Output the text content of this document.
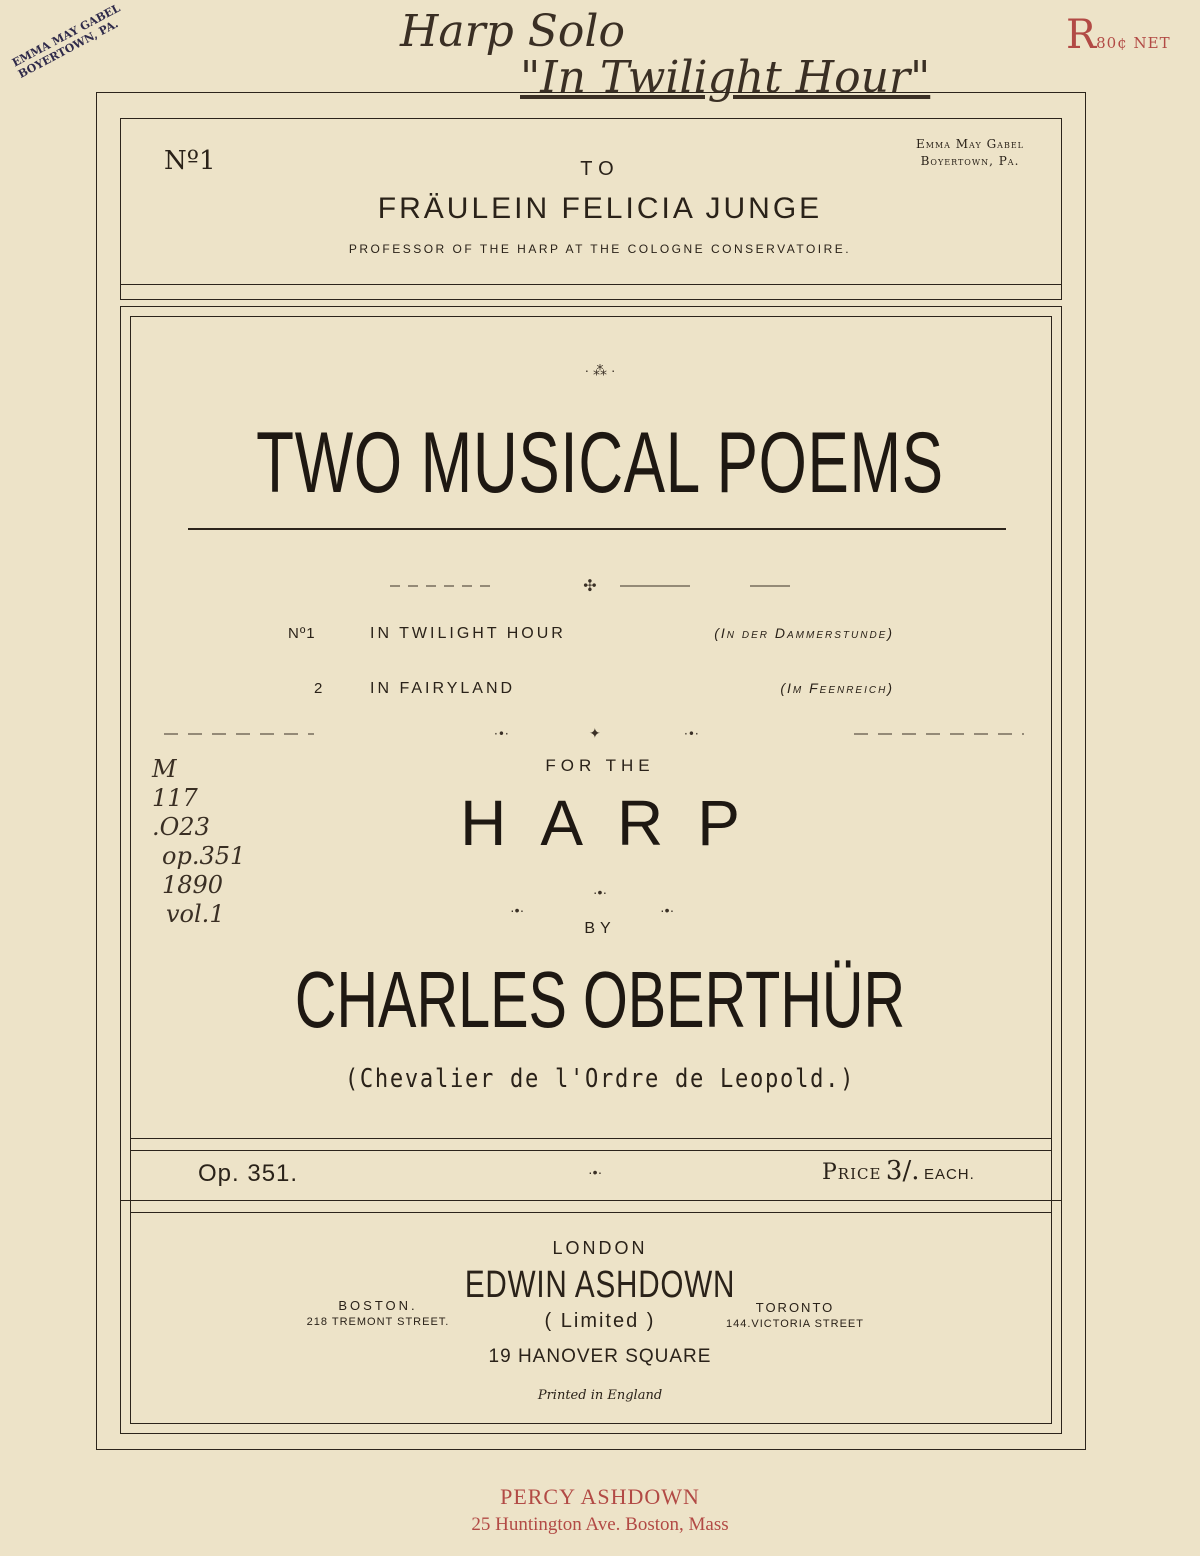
Harp Solo
"In Twilight Hour"
EMMA MAY GABEL BOYERTOWN, PA.	R80¢ NET
Nº1
Emma May Gabel
Boyertown, Pa.
TO
FRÄULEIN FELICIA JUNGE
PROFESSOR OF THE HARP AT THE COLOGNE CONSERVATOIRE.
· ⁂ ·
TWO MUSICAL POEMS
✣
Nº1	IN TWILIGHT HOUR	(In der Dammerstunde)
2	IN FAIRYLAND	(Im Feenreich)
·•·	✦	·•·
M
117
.O23
op.351
1890
vol.1
FOR THE
HARP
·•·
·•·	·•·
BY
CHARLES OBERTHÜR
(Chevalier de l'Ordre de Leopold.)
Op. 351.	·•·	Price 3/. EACH.
LONDON
EDWIN ASHDOWN
( Limited )
19 HANOVER SQUARE
BOSTON.
218 TREMONT STREET.
TORONTO
144.VICTORIA STREET
Printed in England
PERCY ASHDOWN
25 Huntington Ave. Boston, Mass
